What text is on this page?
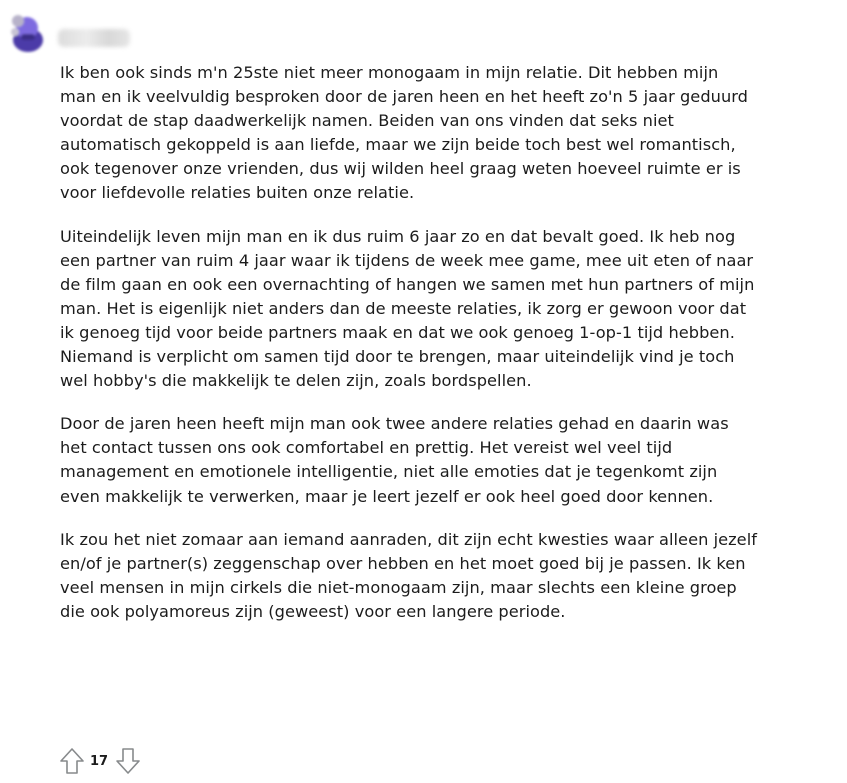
Ik ben ook sinds m'n 25ste niet meer monogaam in mijn relatie. Dit hebben mijn
man en ik veelvuldig besproken door de jaren heen en het heeft zo'n 5 jaar geduurd
voordat de stap daadwerkelijk namen. Beiden van ons vinden dat seks niet
automatisch gekoppeld is aan liefde, maar we zijn beide toch best wel romantisch,
ook tegenover onze vrienden, dus wij wilden heel graag weten hoeveel ruimte er is
voor liefdevolle relaties buiten onze relatie.

Uiteindelijk leven mijn man en ik dus ruim 6 jaar zo en dat bevalt goed. Ik heb nog
een partner van ruim 4 jaar waar ik tijdens de week mee game, mee uit eten of naar
de film gaan en ook een overnachting of hangen we samen met hun partners of mijn
man. Het is eigenlijk niet anders dan de meeste relaties, ik zorg er gewoon voor dat
ik genoeg tijd voor beide partners maak en dat we ook genoeg 1-op-1 tijd hebben.
Niemand is verplicht om samen tijd door te brengen, maar uiteindelijk vind je toch
wel hobby's die makkelijk te delen zijn, zoals bordspellen.

Door de jaren heen heeft mijn man ook twee andere relaties gehad en daarin was
het contact tussen ons ook comfortabel en prettig. Het vereist wel veel tijd
management en emotionele intelligentie, niet alle emoties dat je tegenkomt zijn
even makkelijk te verwerken, maar je leert jezelf er ook heel goed door kennen.

Ik zou het niet zomaar aan iemand aanraden, dit zijn echt kwesties waar alleen jezelf
en/of je partner(s) zeggenschap over hebben en het moet goed bij je passen. Ik ken
veel mensen in mijn cirkels die niet-monogaam zijn, maar slechts een kleine groep
die ook polyamoreus zijn (geweest) voor een langere periode.

17
